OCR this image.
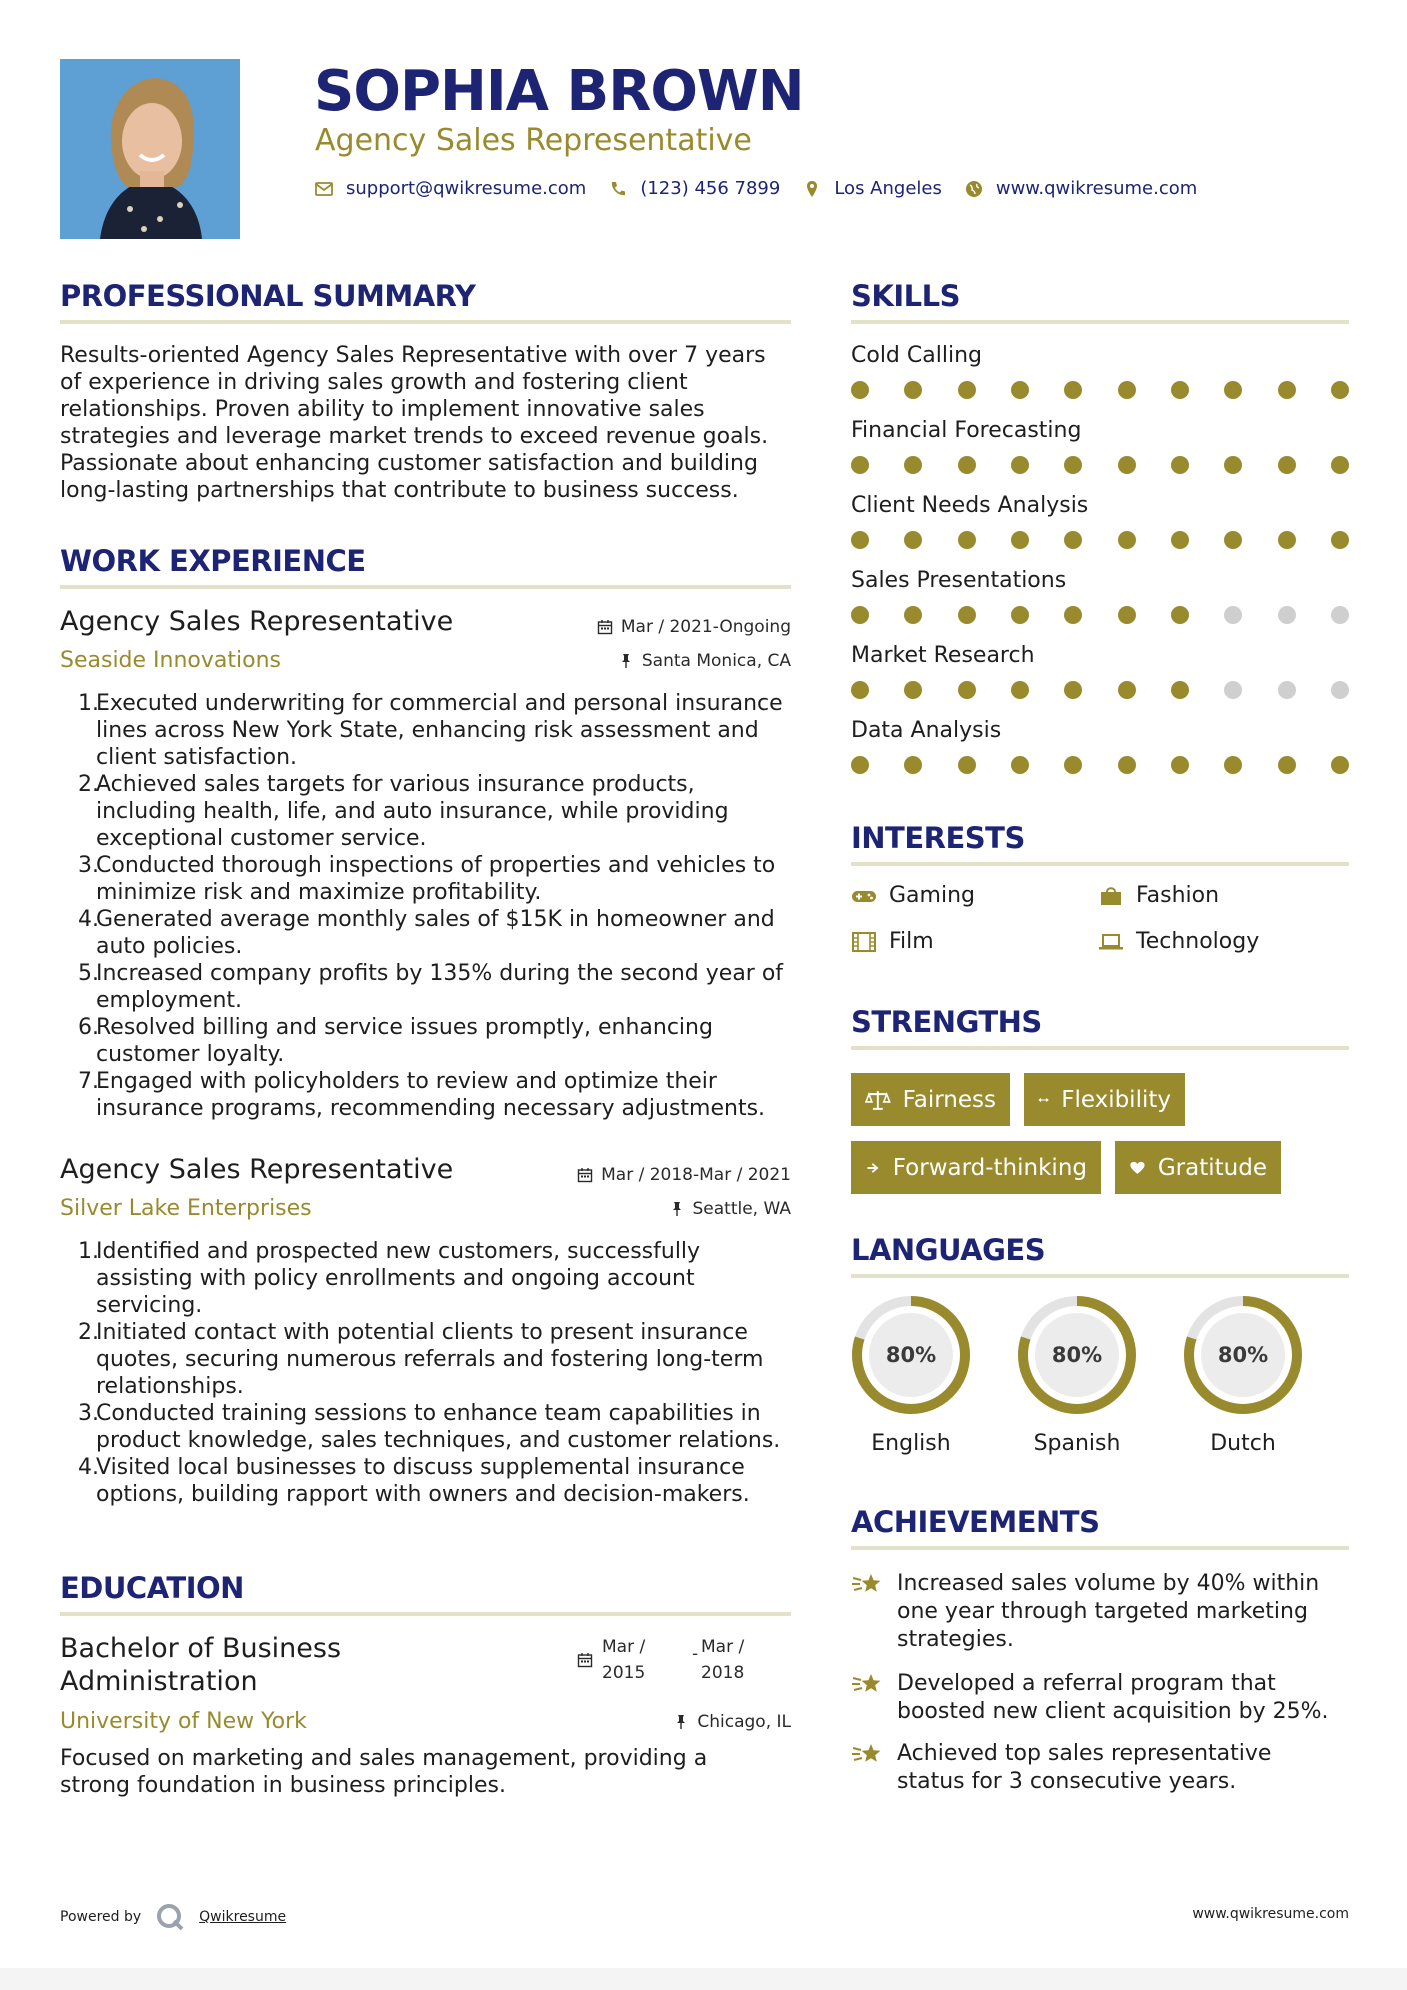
SOPHIA BROWN
Agency Sales Representative
support@qwikresume.com	(123) 456 7899	Los Angeles	www.qwikresume.com
PROFESSIONAL SUMMARY
Results-oriented Agency Sales Representative with over 7 years
of experience in driving sales growth and fostering client
relationships. Proven ability to implement innovative sales
strategies and leverage market trends to exceed revenue goals.
Passionate about enhancing customer satisfaction and building
long-lasting partnerships that contribute to business success.
WORK EXPERIENCE
Agency Sales Representative	Mar / 2021-Ongoing
Seaside Innovations	Santa Monica, CA
1.
Executed underwriting for commercial and personal insurance
lines across New York State, enhancing risk assessment and
client satisfaction.
2.
Achieved sales targets for various insurance products,
including health, life, and auto insurance, while providing
exceptional customer service.
3.
Conducted thorough inspections of properties and vehicles to
minimize risk and maximize profitability.
4.
Generated average monthly sales of $15K in homeowner and
auto policies.
5.
Increased company profits by 135% during the second year of
employment.
6.
Resolved billing and service issues promptly, enhancing
customer loyalty.
7.
Engaged with policyholders to review and optimize their
insurance programs, recommending necessary adjustments.
Agency Sales Representative	Mar / 2018-Mar / 2021
Silver Lake Enterprises	Seattle, WA
1.
Identified and prospected new customers, successfully
assisting with policy enrollments and ongoing account
servicing.
2.
Initiated contact with potential clients to present insurance
quotes, securing numerous referrals and fostering long-term
relationships.
3.
Conducted training sessions to enhance team capabilities in
product knowledge, sales techniques, and customer relations.
4.
Visited local businesses to discuss supplemental insurance
options, building rapport with owners and decision-makers.
EDUCATION
Bachelor of Business
Administration
Mar /
2015
- Mar /
2018
University of New York	Chicago, IL
Focused on marketing and sales management, providing a
strong foundation in business principles.
SKILLS
Cold Calling
Financial Forecasting
Client Needs Analysis
Sales Presentations
Market Research
Data Analysis
INTERESTS
Gaming	Fashion
Film	Technology
STRENGTHS
Fairness	Flexibility
Forward-thinking	Gratitude
LANGUAGES
80%
English
80%
Spanish
80%
Dutch
ACHIEVEMENTS
Increased sales volume by 40% within
one year through targeted marketing
strategies.
Developed a referral program that
boosted new client acquisition by 25%.
Achieved top sales representative
status for 3 consecutive years.
Powered by	Qwikresume	www.qwikresume.com
